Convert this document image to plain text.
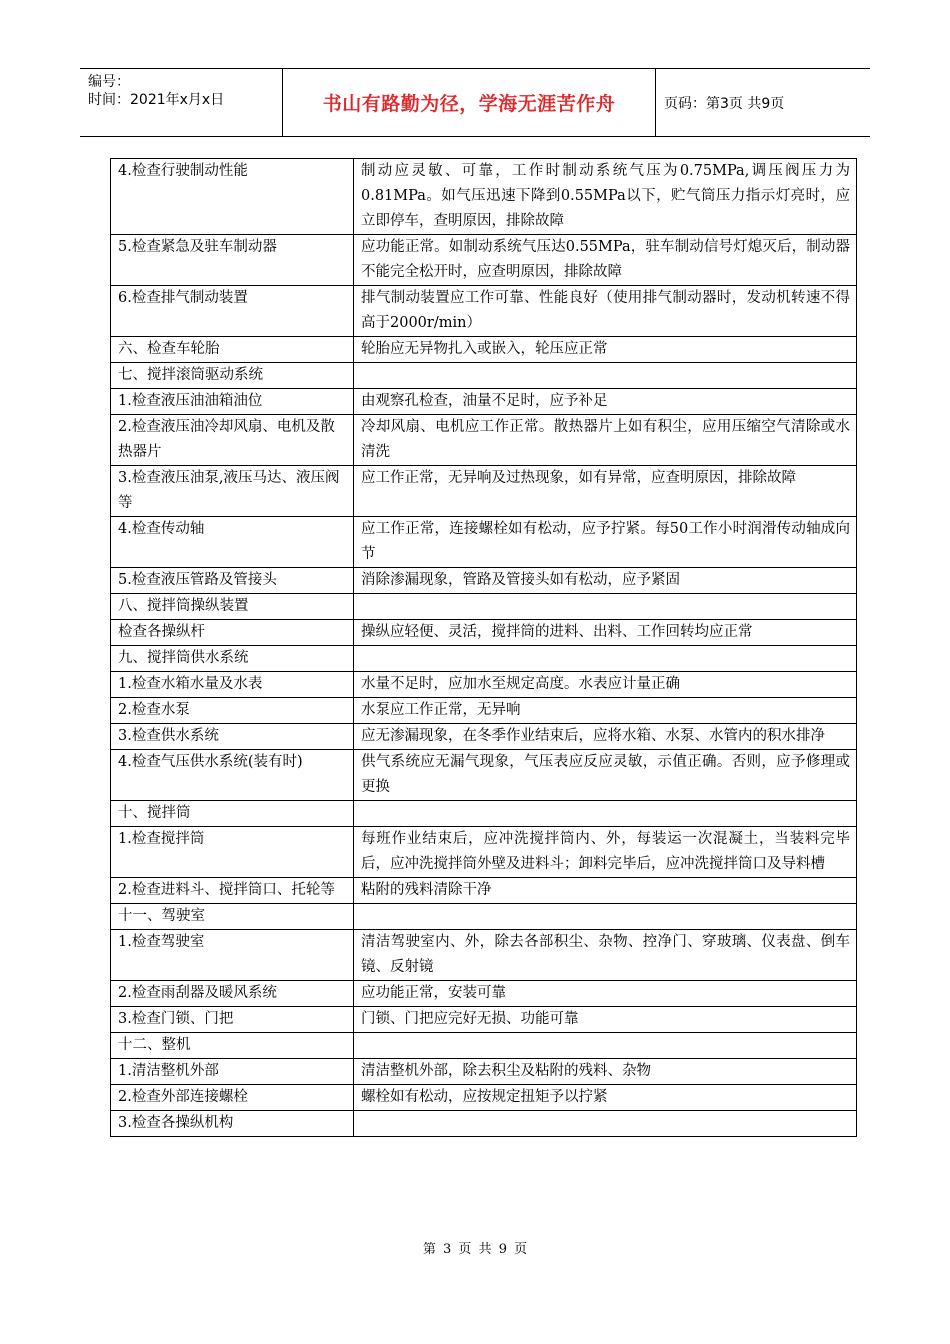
编号：
时间：2021年x月x日	书山有路勤为径，学海无涯苦作舟	页码：第3页 共9页
4.检查行驶制动性能	制动应灵敏、可靠，工作时制动系统气压为0.75MPa,调压阀压力为0.81MPa。如气压迅速下降到0.55MPa以下，贮气筒压力指示灯亮时，应立即停车，查明原因，排除故障
5.检查紧急及驻车制动器	应功能正常。如制动系统气压达0.55MPa，驻车制动信号灯熄灭后，制动器不能完全松开时，应查明原因，排除故障
6.检查排气制动装置	排气制动装置应工作可靠、性能良好（使用排气制动器时，发动机转速不得高于2000r/min）
六、检查车轮胎	轮胎应无异物扎入或嵌入，轮压应正常
七、搅拌滚筒驱动系统	
1.检查液压油油箱油位	由观察孔检查，油量不足时，应予补足
2.检查液压油冷却风扇、电机及散热器片	冷却风扇、电机应工作正常。散热器片上如有积尘，应用压缩空气清除或水清洗
3.检查液压油泵,液压马达、液压阀等	应工作正常，无异响及过热现象，如有异常，应查明原因，排除故障
4.检查传动轴	应工作正常，连接螺栓如有松动，应予拧紧。每50工作小时润滑传动轴成向节
5.检查液压管路及管接头	消除渗漏现象，管路及管接头如有松动，应予紧固
八、搅拌筒操纵装置	
检查各操纵杆	操纵应轻便、灵活，搅拌筒的进料、出料、工作回转均应正常
九、搅拌筒供水系统	
1.检查水箱水量及水表	水量不足时，应加水至规定高度。水表应计量正确
2.检查水泵	水泵应工作正常，无异响
3.检查供水系统	应无渗漏现象，在冬季作业结束后，应将水箱、水泵、水管内的积水排净
4.检查气压供水系统(装有时)	供气系统应无漏气现象，气压表应反应灵敏，示值正确。否则，应予修理或更换
十、搅拌筒	
1.检查搅拌筒	每班作业结束后，应冲洗搅拌筒内、外，每装运一次混凝土，当装料完毕后，应冲洗搅拌筒外壁及进料斗；卸料完毕后，应冲洗搅拌筒口及导料槽
2.检查进料斗、搅拌筒口、托轮等	粘附的残料清除干净
十一、驾驶室	
1.检查驾驶室	清洁驾驶室内、外，除去各部积尘、杂物、控净门、穿玻璃、仪表盘、倒车镜、反射镜
2.检查雨刮器及暖风系统	应功能正常，安装可靠
3.检查门锁、门把	门锁、门把应完好无损、功能可靠
十二、整机	
1.清洁整机外部	清洁整机外部，除去积尘及粘附的残料、杂物
2.检查外部连接螺栓	螺栓如有松动，应按规定扭矩予以拧紧
3.检查各操纵机构	
第 3 页 共 9 页
